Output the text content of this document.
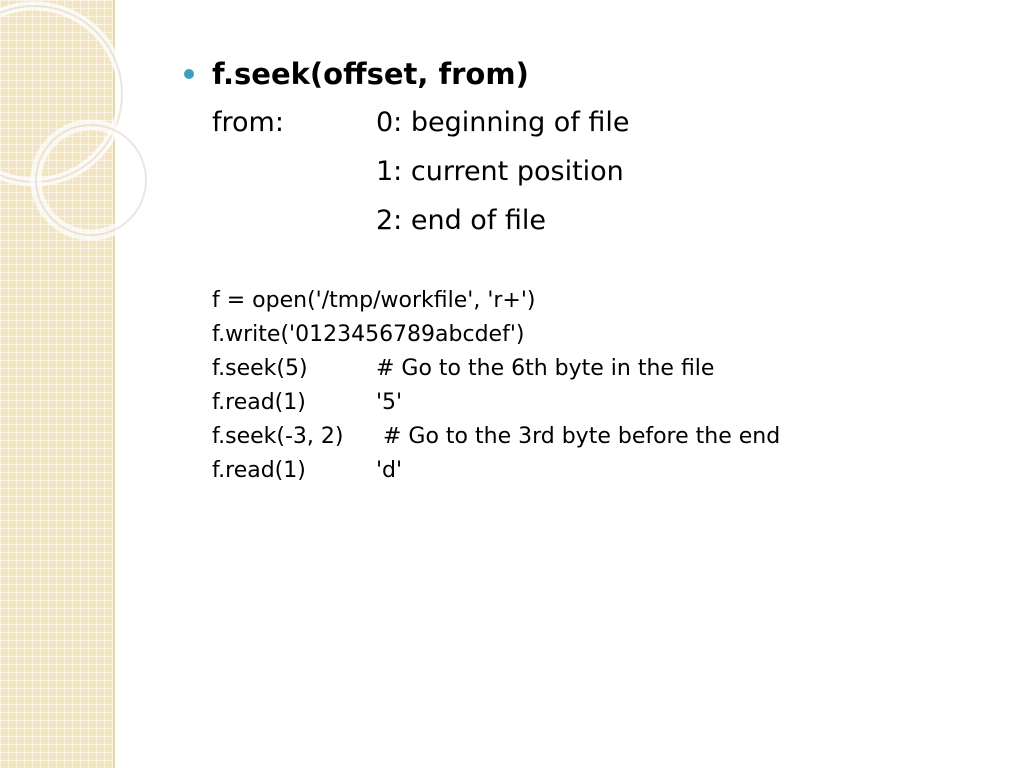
f.seek(offset, from)
from:	0: beginning of file
1: current position
2: end of file
f = open('/tmp/workfile', 'r+')
f.write('0123456789abcdef')
f.seek(5)	# Go to the 6th byte in the file
f.read(1)	'5'
f.seek(-3, 2) # Go to the 3rd byte before the end
f.read(1)	'd'
